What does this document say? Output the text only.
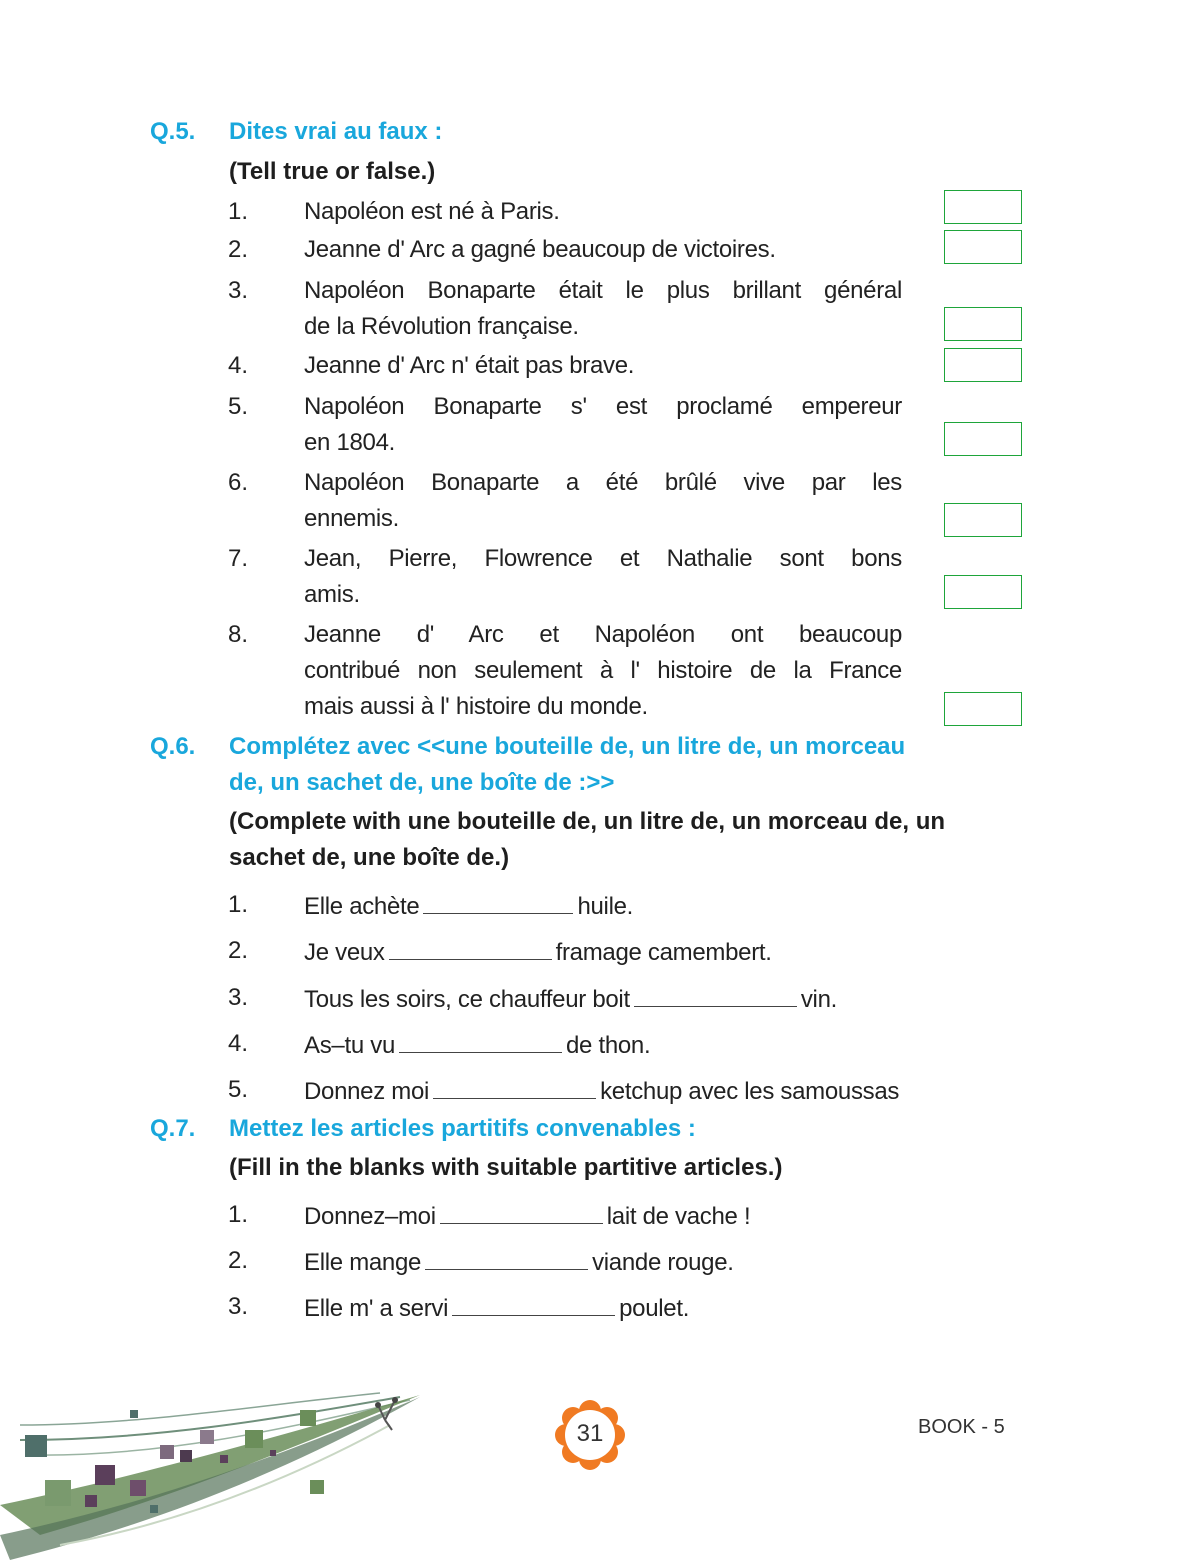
Q.5. Dites vrai au faux :
(Tell true or false.)
1. Napoléon est né à Paris.
2. Jeanne d' Arc a gagné beaucoup de victoires.
3. Napoléon Bonaparte était le plus brillant général
de la Révolution française.
4. Jeanne d' Arc n' était pas brave.
5. Napoléon Bonaparte s' est proclamé empereur
en 1804.
6. Napoléon Bonaparte a été brûlé vive par les
ennemis.
7. Jean, Pierre, Flowrence et Nathalie sont bons
amis.
8. Jeanne d' Arc et Napoléon ont beaucoup
contribué non seulement à l' histoire de la France
mais aussi à l' histoire du monde.
Q.6. Complétez avec <<une bouteille de, un litre de, un morceau
de, un sachet de, une boîte de :>>
(Complete with une bouteille de, un litre de, un morceau de, un
sachet de, une boîte de.)
1. Elle achète	huile.
2. Je veux	framage camembert.
3. Tous les soirs, ce chauffeur boit	vin.
4. As–tu vu	de thon.
5. Donnez moi	ketchup avec les samoussas
Q.7. Mettez les articles partitifs convenables :
(Fill in the blanks with suitable partitive articles.)
1. Donnez–moi	lait de vache !
2. Elle mange	viande rouge.
3. Elle m' a servi	poulet.
31	BOOK - 5
